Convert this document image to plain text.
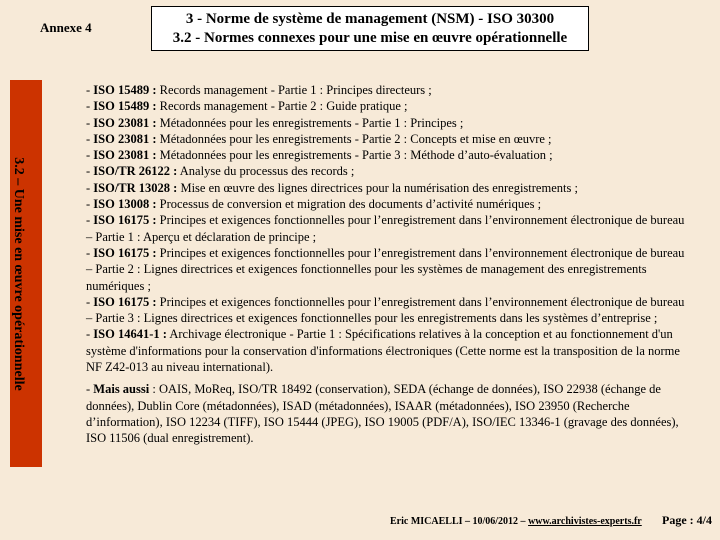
Annexe 4
3 - Norme de système de management (NSM) - ISO 30300
3.2 - Normes connexes pour une mise en œuvre opérationnelle
3.2 – Une mise en œuvre opérationnelle

- ISO 15489 : Records management - Partie 1 : Principes directeurs ;

- ISO 15489 : Records management - Partie 2 : Guide pratique ;

- ISO 23081 : Métadonnées pour les enregistrements - Partie 1 : Principes ;

- ISO 23081 : Métadonnées pour les enregistrements - Partie 2 : Concepts et mise en œuvre ;

- ISO 23081 : Métadonnées pour les enregistrements - Partie 3 : Méthode d’auto-évaluation ;

- ISO/TR 26122 : Analyse du processus des records ;

- ISO/TR 13028 : Mise en œuvre des lignes directrices pour la numérisation des enregistrements ;

- ISO 13008 : Processus de conversion et migration des documents d’activité numériques ;

- ISO 16175 : Principes et exigences fonctionnelles pour l’enregistrement dans l’environnement électronique de bureau – Partie 1 : Aperçu et déclaration de principe ;

- ISO 16175 : Principes et exigences fonctionnelles pour l’enregistrement dans l’environnement électronique de bureau – Partie 2 : Lignes directrices et exigences fonctionnelles pour les systèmes de management des enregistrements numériques ;

- ISO 16175 : Principes et exigences fonctionnelles pour l’enregistrement dans l’environnement électronique de bureau – Partie 3 : Lignes directrices et exigences fonctionnelles pour les enregistrements dans les systèmes d’entreprise ;

- ISO 14641-1 : Archivage électronique - Partie 1 : Spécifications relatives à la conception et au fonctionnement d'un système d'informations pour la conservation d'informations électroniques (Cette norme est la transposition de la norme NF Z42-013 au niveau international).

- Mais aussi : OAIS, MoReq, ISO/TR 18492 (conservation), SEDA (échange de données), ISO 22938 (échange de données), Dublin Core (métadonnées), ISAD (métadonnées), ISAAR (métadonnées), ISO 23950 (Recherche d’information), ISO 12234 (TIFF), ISO 15444 (JPEG), ISO 19005 (PDF/A), ISO/IEC 13346-1 (gravage des données), ISO 11506 (dual enregistrement).

Eric MICAELLI – 10/06/2012 – www.archivistes-experts.fr Page : 4/4
